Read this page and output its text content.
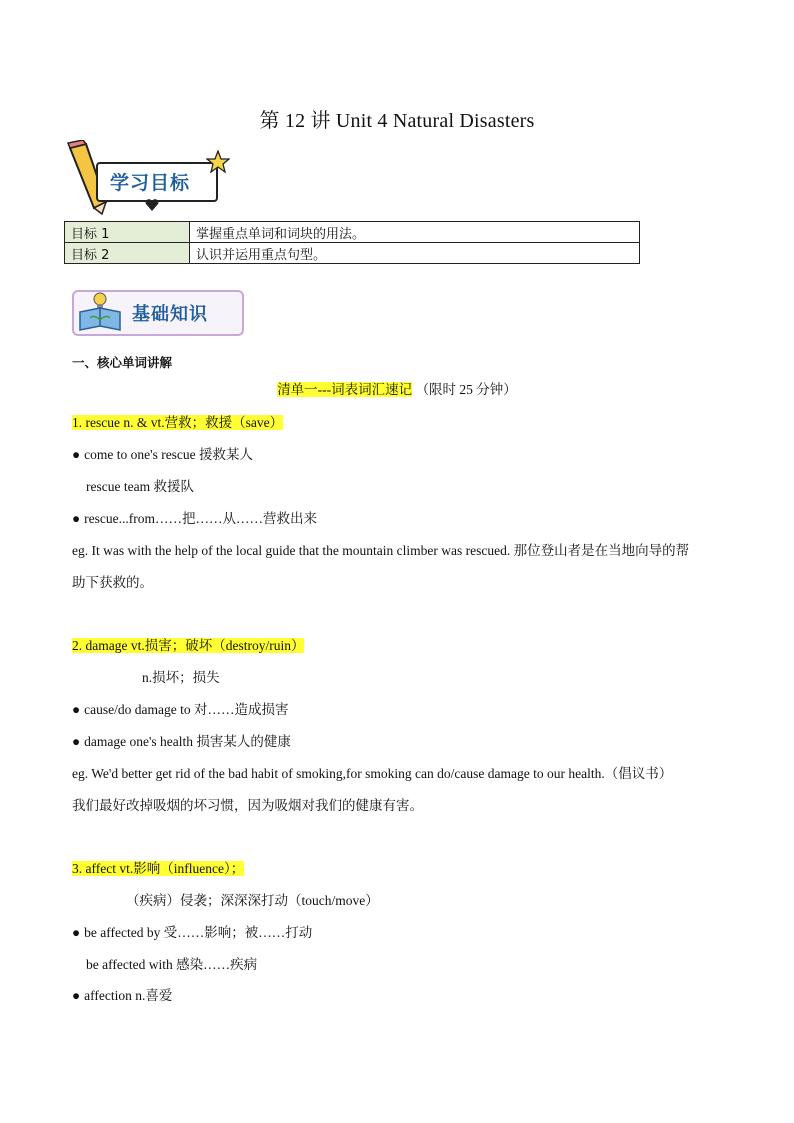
第 12 讲 Unit 4 Natural Disasters
学习目标
目标 1	掌握重点单词和词块的用法。
目标 2	认识并运用重点句型。
基础知识
一、核心单词讲解
清单一---词表词汇速记 （限时 25 分钟）
1. rescue n. & vt.营救；救援（save）
● come to one's rescue 援救某人
rescue team 救援队
● rescue...from……把……从……营救出来
eg. It was with the help of the local guide that the mountain climber was rescued. 那位登山者是在当地向导的帮
助下获救的。
2. damage vt.损害；破坏（destroy/ruin）
n.损坏；损失
● cause/do damage to 对……造成损害
● damage one's health 损害某人的健康
eg. We'd better get rid of the bad habit of smoking,for smoking can do/cause damage to our health.（倡议书）
我们最好改掉吸烟的坏习惯，因为吸烟对我们的健康有害。
3. affect vt.影响（influence）；
（疾病）侵袭；深深深打动（touch/move）
● be affected by 受……影响；被……打动
be affected with 感染……疾病
● affection n.喜爱
